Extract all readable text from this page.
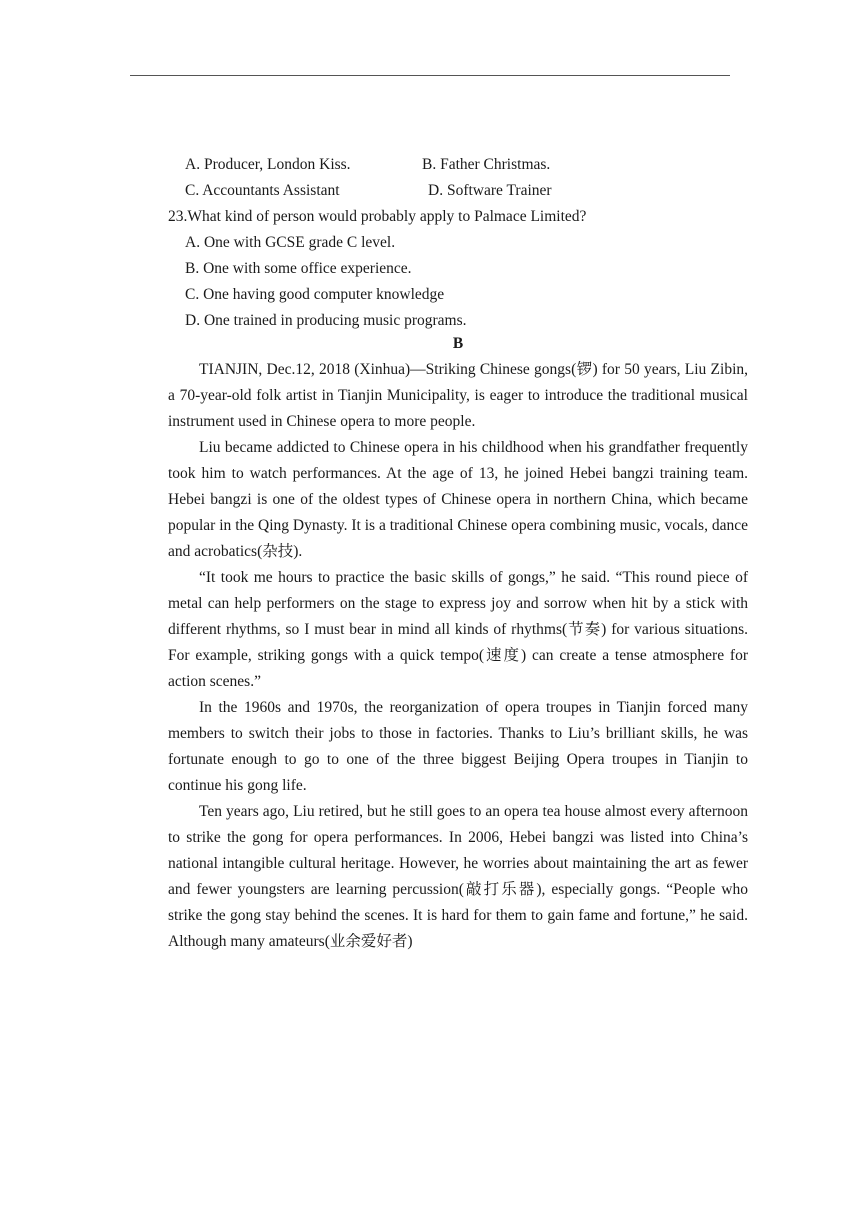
A. Producer, London Kiss.	B. Father Christmas.
C. Accountants Assistant	D. Software Trainer
23.What kind of person would probably apply to Palmace Limited?
A. One with GCSE grade C level.
B. One with some office experience.
C. One having good computer knowledge
D. One trained in producing music programs.
B

TIANJIN, Dec.12, 2018 (Xinhua)—Striking Chinese gongs(锣) for 50 years, Liu Zibin, a 70-year-old folk artist in Tianjin Municipality, is eager to introduce the traditional musical instrument used in Chinese opera to more people.

Liu became addicted to Chinese opera in his childhood when his grandfather frequently took him to watch performances. At the age of 13, he joined Hebei bangzi training team. Hebei bangzi is one of the oldest types of Chinese opera in northern China, which became popular in the Qing Dynasty. It is a traditional Chinese opera combining music, vocals, dance and acrobatics(杂技).

“It took me hours to practice the basic skills of gongs,” he said. “This round piece of metal can help performers on the stage to express joy and sorrow when hit by a stick with different rhythms, so I must bear in mind all kinds of rhythms(节奏) for various situations. For example, striking gongs with a quick tempo(速度) can create a tense atmosphere for action scenes.”

In the 1960s and 1970s, the reorganization of opera troupes in Tianjin forced many members to switch their jobs to those in factories. Thanks to Liu’s brilliant skills, he was fortunate enough to go to one of the three biggest Beijing Opera troupes in Tianjin to continue his gong life.

Ten years ago, Liu retired, but he still goes to an opera tea house almost every afternoon to strike the gong for opera performances. In 2006, Hebei bangzi was listed into China’s national intangible cultural heritage. However, he worries about maintaining the art as fewer and fewer youngsters are learning percussion(敲打乐器), especially gongs. “People who strike the gong stay behind the scenes. It is hard for them to gain fame and fortune,” he said. Although many amateurs(业余爱好者)
